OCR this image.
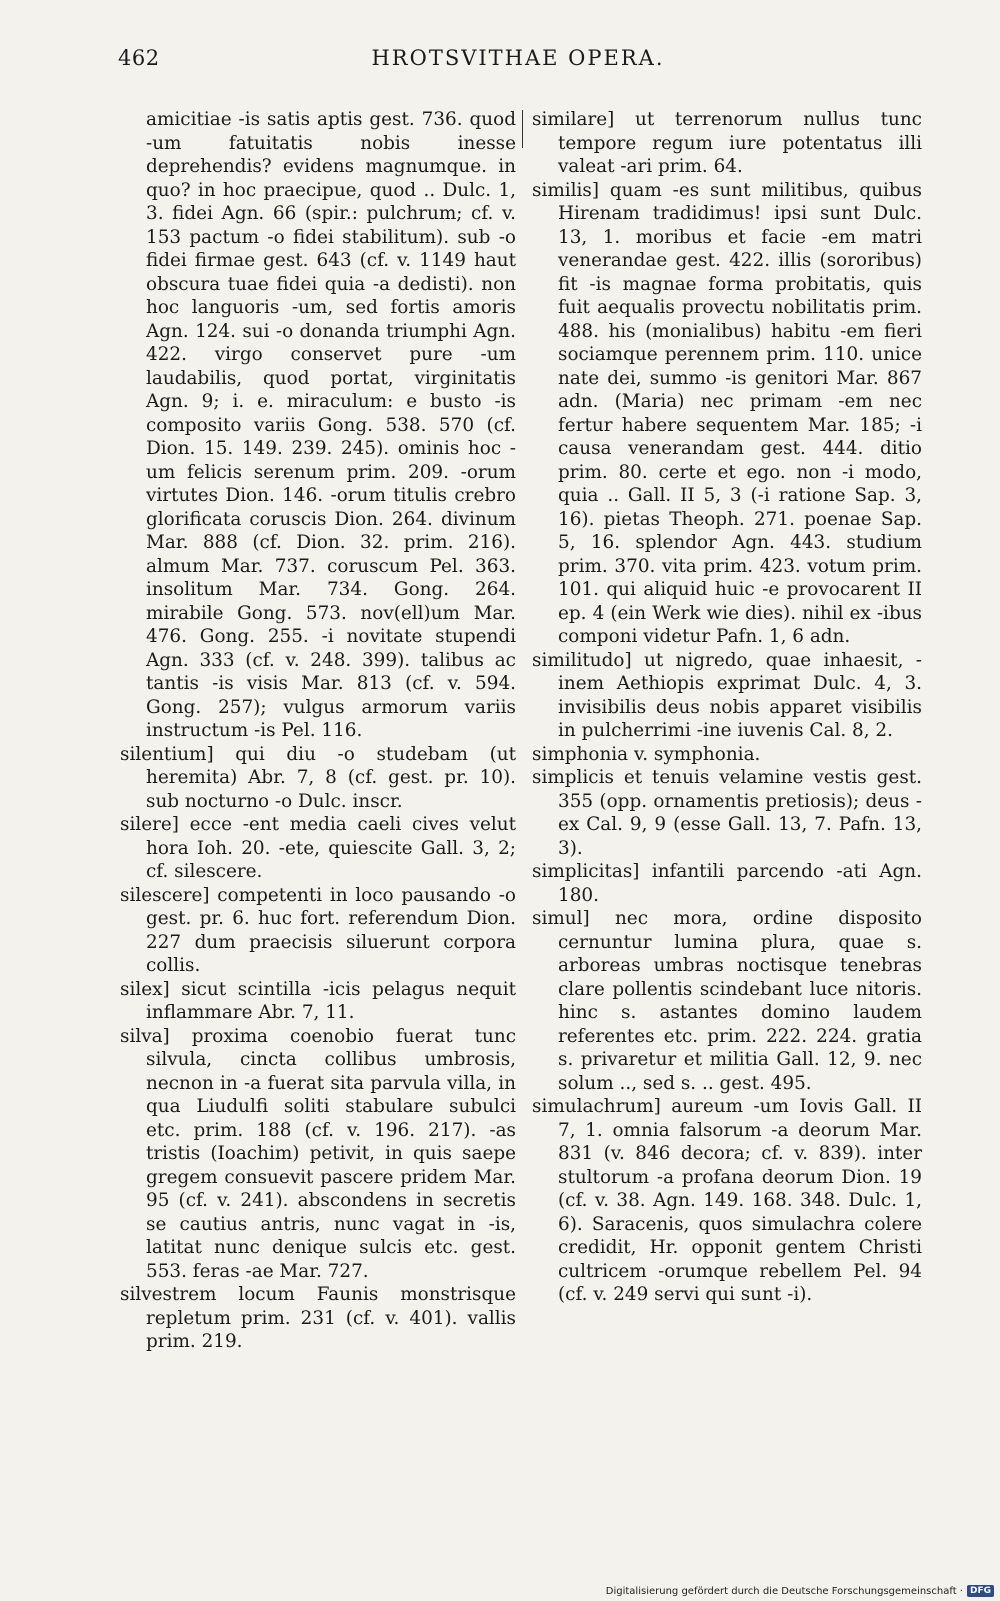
462	HROTSVITHAE OPERA.

amicitiae -is satis aptis gest. 736. quod -um fatuitatis nobis inesse deprehendis? evidens magnumque. in quo? in hoc praecipue, quod .. Dulc. 1, 3. fidei Agn. 66 (spir.: pulchrum; cf. v. 153 pactum -o fidei stabilitum). sub -o fidei firmae gest. 643 (cf. v. 1149 haut obscura tuae fidei quia -a dedisti). non hoc languoris -um, sed fortis amoris Agn. 124. sui -o donanda triumphi Agn. 422. virgo conservet pure -um laudabilis, quod portat, virginitatis Agn. 9; i. e. miraculum: e busto -is composito variis Gong. 538. 570 (cf. Dion. 15. 149. 239. 245). ominis hoc -um felicis serenum prim. 209. -orum virtutes Dion. 146. -orum titulis crebro glorificata coruscis Dion. 264. divinum Mar. 888 (cf. Dion. 32. prim. 216). almum Mar. 737. coruscum Pel. 363. insolitum Mar. 734. Gong. 264. mirabile Gong. 573. nov(ell)um Mar. 476. Gong. 255. -i novitate stupendi Agn. 333 (cf. v. 248. 399). talibus ac tantis -is visis Mar. 813 (cf. v. 594. Gong. 257); vulgus armorum variis instructum -is Pel. 116.

silentium] qui diu -o studebam (ut heremita) Abr. 7, 8 (cf. gest. pr. 10). sub nocturno -o Dulc. inscr.

silere] ecce -ent media caeli cives velut hora Ioh. 20. -ete, quiescite Gall. 3, 2; cf. silescere.

silescere] competenti in loco pausando -o gest. pr. 6. huc fort. referendum Dion. 227 dum praecisis siluerunt corpora collis.

silex] sicut scintilla -icis pelagus nequit inflammare Abr. 7, 11.

silva] proxima coenobio fuerat tunc silvula, cincta collibus umbrosis, necnon in -a fuerat sita parvula villa, in qua Liudulfi soliti stabulare subulci etc. prim. 188 (cf. v. 196. 217). -as tristis (Ioachim) petivit, in quis saepe gregem consuevit pascere pridem Mar. 95 (cf. v. 241). abscondens in secretis se cautius antris, nunc vagat in -is, latitat nunc denique sulcis etc. gest. 553. feras -ae Mar. 727.

silvestrem locum Faunis monstrisque repletum prim. 231 (cf. v. 401). vallis prim. 219.

similare] ut terrenorum nullus tunc tempore regum iure potentatus illi valeat -ari prim. 64.

similis] quam -es sunt militibus, quibus Hirenam tradidimus! ipsi sunt Dulc. 13, 1. moribus et facie -em matri venerandae gest. 422. illis (sororibus) fit -is magnae forma probitatis, quis fuit aequalis provectu nobilitatis prim. 488. his (monialibus) habitu -em fieri sociamque perennem prim. 110. unice nate dei, summo -is genitori Mar. 867 adn. (Maria) nec primam -em nec fertur habere sequentem Mar. 185; -i causa venerandam gest. 444. ditio prim. 80. certe et ego. non -i modo, quia .. Gall. II 5, 3 (-i ratione Sap. 3, 16). pietas Theoph. 271. poenae Sap. 5, 16. splendor Agn. 443. studium prim. 370. vita prim. 423. votum prim. 101. qui aliquid huic -e provocarent II ep. 4 (ein Werk wie dies). nihil ex -ibus componi videtur Pafn. 1, 6 adn.

similitudo] ut nigredo, quae inhaesit, -inem Aethiopis exprimat Dulc. 4, 3. invisibilis deus nobis apparet visibilis in pulcherrimi -ine iuvenis Cal. 8, 2.

simphonia v. symphonia.

simplicis et tenuis velamine vestis gest. 355 (opp. ornamentis pretiosis); deus -ex Cal. 9, 9 (esse Gall. 13, 7. Pafn. 13, 3).

simplicitas] infantili parcendo -ati Agn. 180.

simul] nec mora, ordine disposito cernuntur lumina plura, quae s. arboreas umbras noctisque tenebras clare pollentis scindebant luce nitoris. hinc s. astantes domino laudem referentes etc. prim. 222. 224. gratia s. privaretur et militia Gall. 12, 9. nec solum .., sed s. .. gest. 495.

simulachrum] aureum -um Iovis Gall. II 7, 1. omnia falsorum -a deorum Mar. 831 (v. 846 decora; cf. v. 839). inter stultorum -a profana deorum Dion. 19 (cf. v. 38. Agn. 149. 168. 348. Dulc. 1, 6). Saracenis, quos simulachra colere credidit, Hr. opponit gentem Christi cultricem -orumque rebellem Pel. 94 (cf. v. 249 servi qui sunt -i).

Digitalisierung gefördert durch die Deutsche Forschungsgemeinschaft · DFG
